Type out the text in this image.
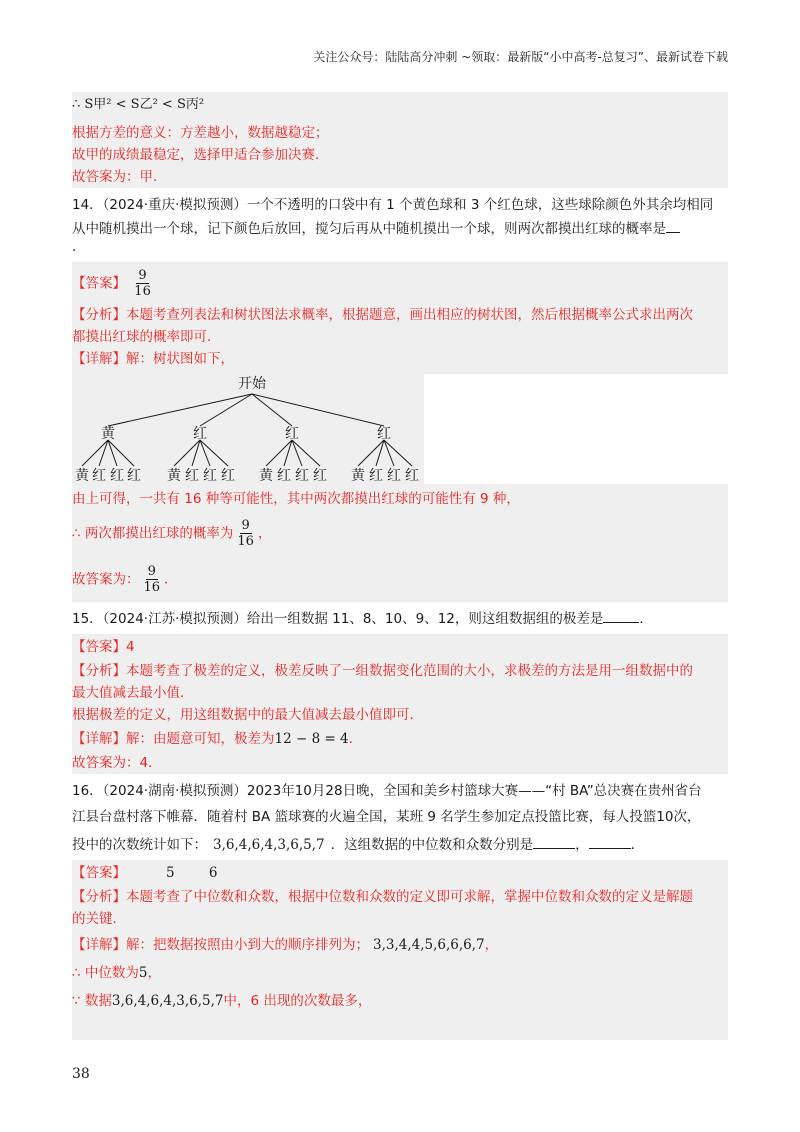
关注公众号：陆陆高分冲刺 ~领取：最新版“小中高考-总复习”、最新试卷下载
∴ S甲² < S乙² < S丙²
根据方差的意义：方差越小，数据越稳定；
故甲的成绩最稳定，选择甲适合参加决赛．
故答案为：甲．
14．（2024·重庆·模拟预测）一个不透明的口袋中有 1 个黄色球和 3 个红色球，这些球除颜色外其余均相同
从中随机摸出一个球，记下颜色后放回，搅匀后再从中随机摸出一个球，则两次都摸出红球的概率是
．
【答案】 $\frac{9}{16}$
【分析】本题考查列表法和树状图法求概率，根据题意，画出相应的树状图，然后根据概率公式求出两次
都摸出红球的概率即可．
【详解】解：树状图如下，
开始
黄	红	红	红
黄 红 红 红 黄 红 红 红 黄 红 红 红 黄 红 红 红
由上可得，一共有 16 种等可能性，其中两次都摸出红球的可能性有 9 种，
∴ 两次都摸出红球的概率为 $\frac{9}{16}$ ，
故答案为： $\frac{9}{16}$ ．
15．（2024·江苏·模拟预测）给出一组数据 11、8、10、9、12，则这组数据组的极差是	．
【答案】4
【分析】本题考查了极差的定义，极差反映了一组数据变化范围的大小，求极差的方法是用一组数据中的
最大值减去最小值．
根据极差的定义，用这组数据中的最大值减去最小值即可．
【详解】解：由题意可知，极差为12 − 8 = 4．
故答案为：4．
16．（2024·湖南·模拟预测）2023年10月28日晚，全国和美乡村篮球大赛——“村 BA”总决赛在贵州省台
江县台盘村落下帷幕．随着村 BA 篮球赛的火遍全国，某班 9 名学生参加定点投篮比赛，每人投篮10次，
投中的次数统计如下： 3,6,4,6,4,3,6,5,7 ．这组数据的中位数和众数分别是	，	．
【答案】	5        6
【分析】本题考查了中位数和众数，根据中位数和众数的定义即可求解，掌握中位数和众数的定义是解题
的关键．
【详解】解：把数据按照由小到大的顺序排列为； 3,3,4,4,5,6,6,6,7，
∴ 中位数为5，
∵ 数据3,6,4,6,4,3,6,5,7中，6 出现的次数最多，
38
